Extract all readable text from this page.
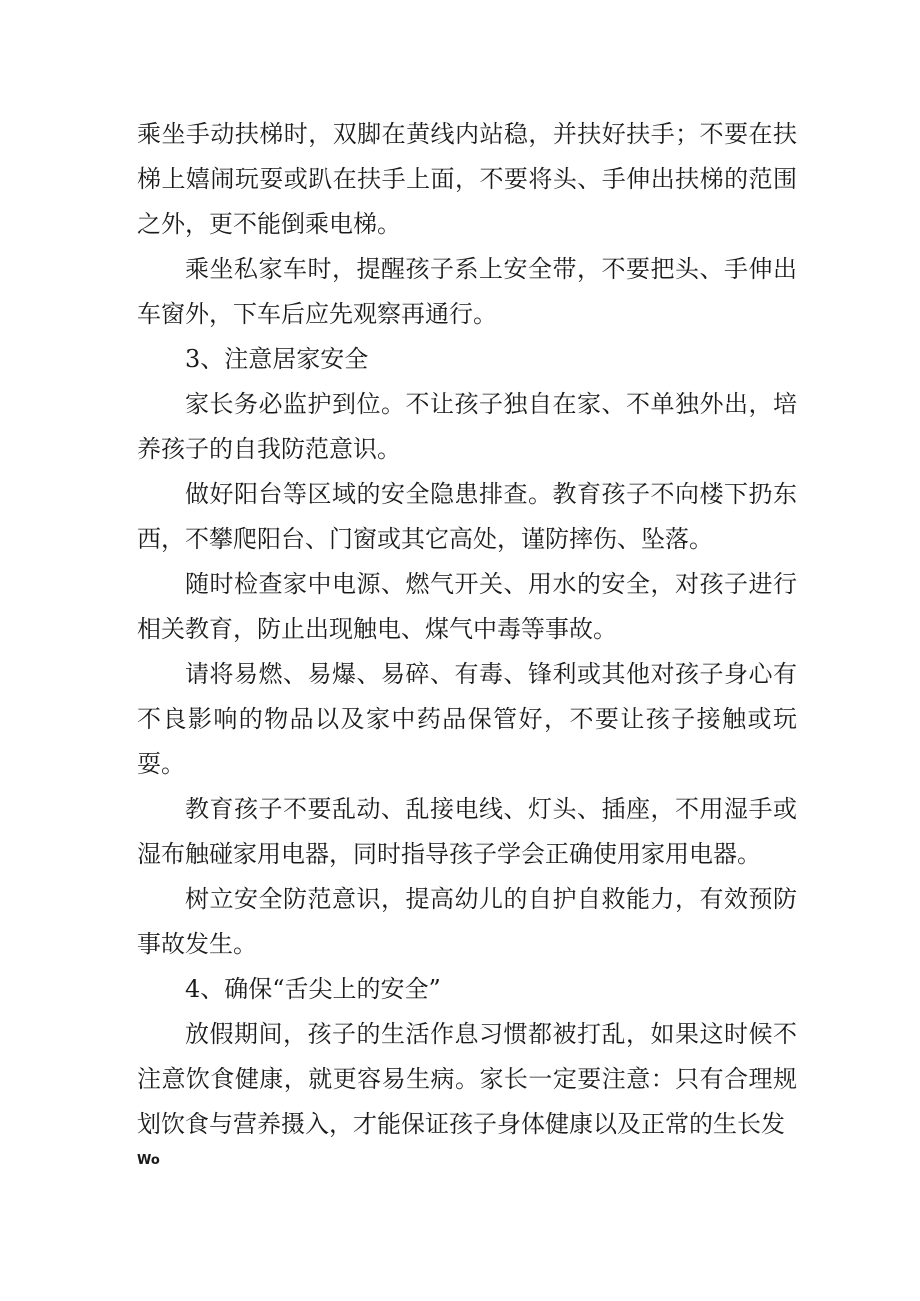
乘坐手动扶梯时，双脚在黄线内站稳，并扶好扶手；不要在扶梯上嬉闹玩耍或趴在扶手上面，不要将头、手伸出扶梯的范围之外，更不能倒乘电梯。

乘坐私家车时，提醒孩子系上安全带，不要把头、手伸出车窗外，下车后应先观察再通行。

3、注意居家安全

家长务必监护到位。不让孩子独自在家、不单独外出，培养孩子的自我防范意识。

做好阳台等区域的安全隐患排查。教育孩子不向楼下扔东西，不攀爬阳台、门窗或其它高处，谨防摔伤、坠落。

随时检查家中电源、燃气开关、用水的安全，对孩子进行相关教育，防止出现触电、煤气中毒等事故。

请将易燃、易爆、易碎、有毒、锋利或其他对孩子身心有不良影响的物品以及家中药品保管好，不要让孩子接触或玩耍。

教育孩子不要乱动、乱接电线、灯头、插座，不用湿手或湿布触碰家用电器，同时指导孩子学会正确使用家用电器。

树立安全防范意识，提高幼儿的自护自救能力，有效预防事故发生。

4、确保“舌尖上的安全”

放假期间，孩子的生活作息习惯都被打乱，如果这时候不注意饮食健康，就更容易生病。家长一定要注意：只有合理规划饮食与营养摄入，才能保证孩子身体健康以及正常的生长发

Wo
